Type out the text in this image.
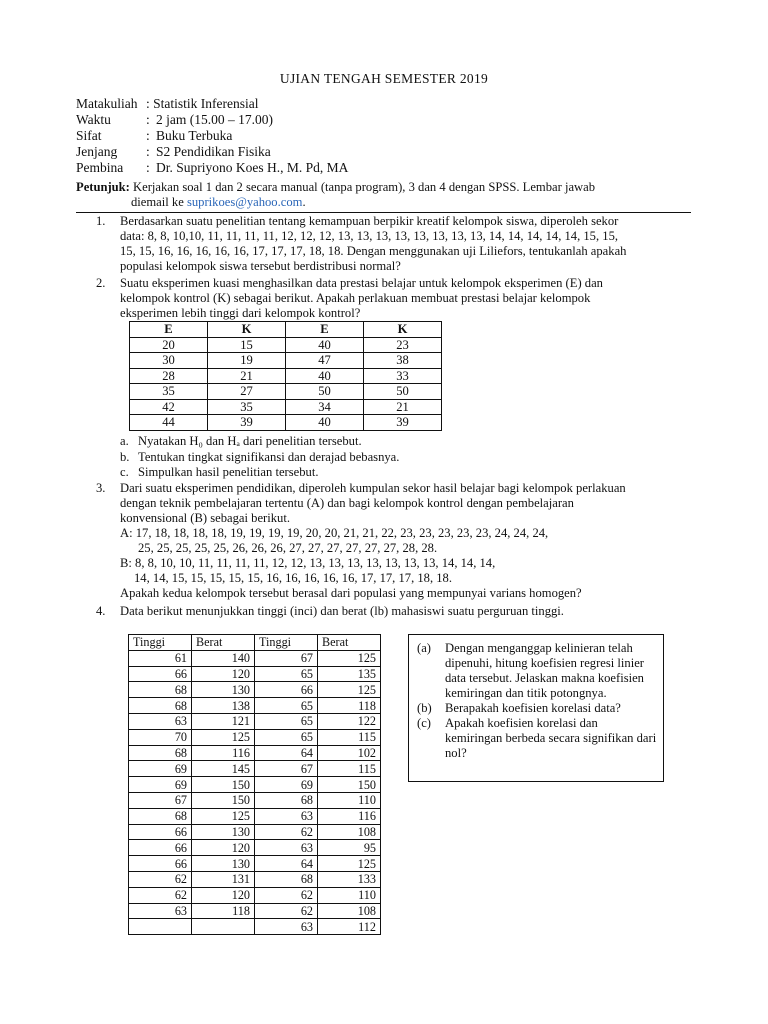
UJIAN TENGAH SEMESTER 2019
Matakuliah : Statistik Inferensial
Waktu	: 2 jam (15.00 – 17.00)
Sifat	: Buku Terbuka
Jenjang : S2 Pendidikan Fisika
Pembina : Dr. Supriyono Koes H., M. Pd, MA
Petunjuk: Kerjakan soal 1 dan 2 secara manual (tanpa program), 3 dan 4 dengan SPSS. Lembar jawab
diemail ke suprikoes@yahoo.com.
1.	Berdasarkan suatu penelitian tentang kemampuan berpikir kreatif kelompok siswa, diperoleh sekor

data: 8, 8, 10,10, 11, 11, 11, 11, 12, 12, 12, 13, 13, 13, 13, 13, 13, 13, 13, 14, 14, 14, 14, 14, 15, 15,

15, 15, 16, 16, 16, 16, 16, 17, 17, 17, 18, 18. Dengan menggunakan uji Liliefors, tentukanlah apakah

populasi kelompok siswa tersebut berdistribusi normal?

2.	Suatu eksperimen kuasi menghasilkan data prestasi belajar untuk kelompok eksperimen (E) dan

kelompok kontrol (K) sebagai berikut. Apakah perlakuan membuat prestasi belajar kelompok

eksperimen lebih tinggi dari kelompok kontrol?

E	K	E	K
20	15	40	23
30	19	47	38
28	21	40	33
35	27	50	50
42	35	34	21
44	39	40	39
a. Nyatakan H₀ dan Hₐ dari penelitian tersebut.
b. Tentukan tingkat signifikansi dan derajad bebasnya.
c. Simpulkan hasil penelitian tersebut.
3.	Dari suatu eksperimen pendidikan, diperoleh kumpulan sekor hasil belajar bagi kelompok perlakuan

dengan teknik pembelajaran tertentu (A) dan bagi kelompok kontrol dengan pembelajaran

konvensional (B) sebagai berikut.

A: 17, 18, 18, 18, 18, 19, 19, 19, 19, 20, 20, 21, 21, 22, 23, 23, 23, 23, 23, 24, 24, 24,

25, 25, 25, 25, 25, 26, 26, 26, 27, 27, 27, 27, 27, 27, 28, 28.

B: 8, 8, 10, 10, 11, 11, 11, 11, 12, 12, 13, 13, 13, 13, 13, 13, 13, 14, 14, 14,

14, 14, 15, 15, 15, 15, 15, 16, 16, 16, 16, 16, 17, 17, 17, 18, 18.

Apakah kedua kelompok tersebut berasal dari populasi yang mempunyai varians homogen?

4.	Data berikut menunjukkan tinggi (inci) dan berat (lb) mahasiswi suatu perguruan tinggi.

Tinggi	Berat	Tinggi	Berat
61	140	67	125
66	120	65	135
68	130	66	125
68	138	65	118
63	121	65	122
70	125	65	115
68	116	64	102
69	145	67	115
69	150	69	150
67	150	68	110
68	125	63	116
66	130	62	108
66	120	63	95
66	130	64	125
62	131	68	133
62	120	62	110
63	118	62	108
		63	112
(a) Dengan menganggap kelinieran telah dipenuhi, hitung koefisien regresi linier data tersebut. Jelaskan makna koefisien kemiringan dan titik potongnya.
(b) Berapakah koefisien korelasi data?
(c) Apakah koefisien korelasi dan kemiringan berbeda secara signifikan dari nol?
